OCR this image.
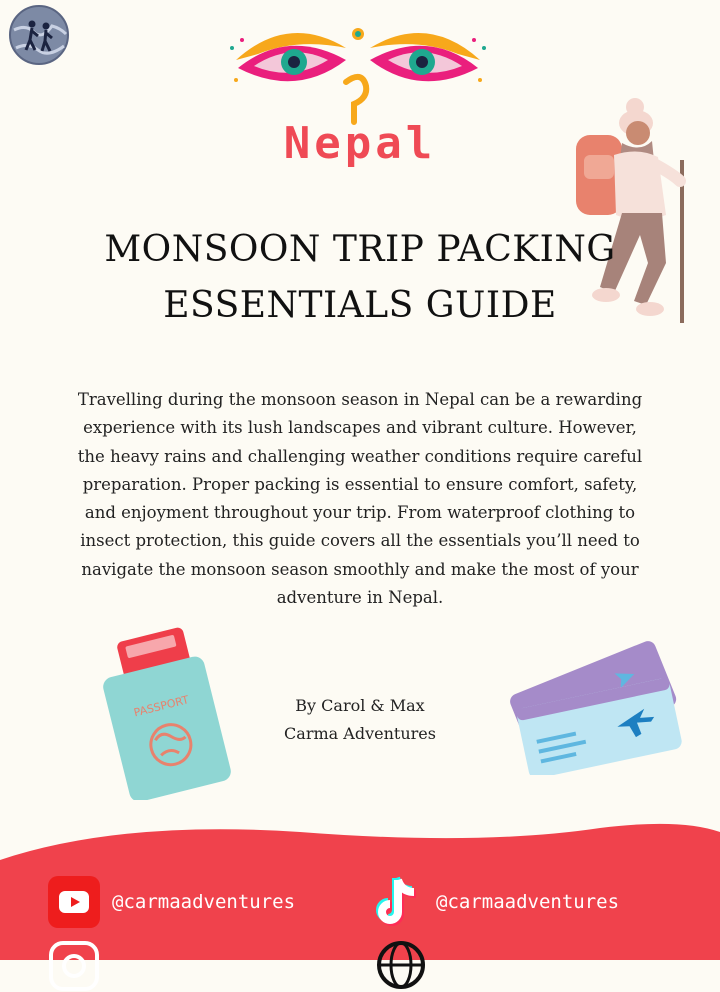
Nepal
MONSOON TRIP PACKING ESSENTIALS GUIDE
Travelling during the monsoon season in Nepal can be a rewarding experience with its lush landscapes and vibrant culture. However, the heavy rains and challenging weather conditions require careful preparation. Proper packing is essential to ensure comfort, safety, and enjoyment throughout your trip. From waterproof clothing to insect protection, this guide covers all the essentials you’ll need to navigate the monsoon season smoothly and make the most of your adventure in Nepal.
PASSPORT	By Carol & Max
Carma Adventures
@carmaadventures	@carmaadventures
